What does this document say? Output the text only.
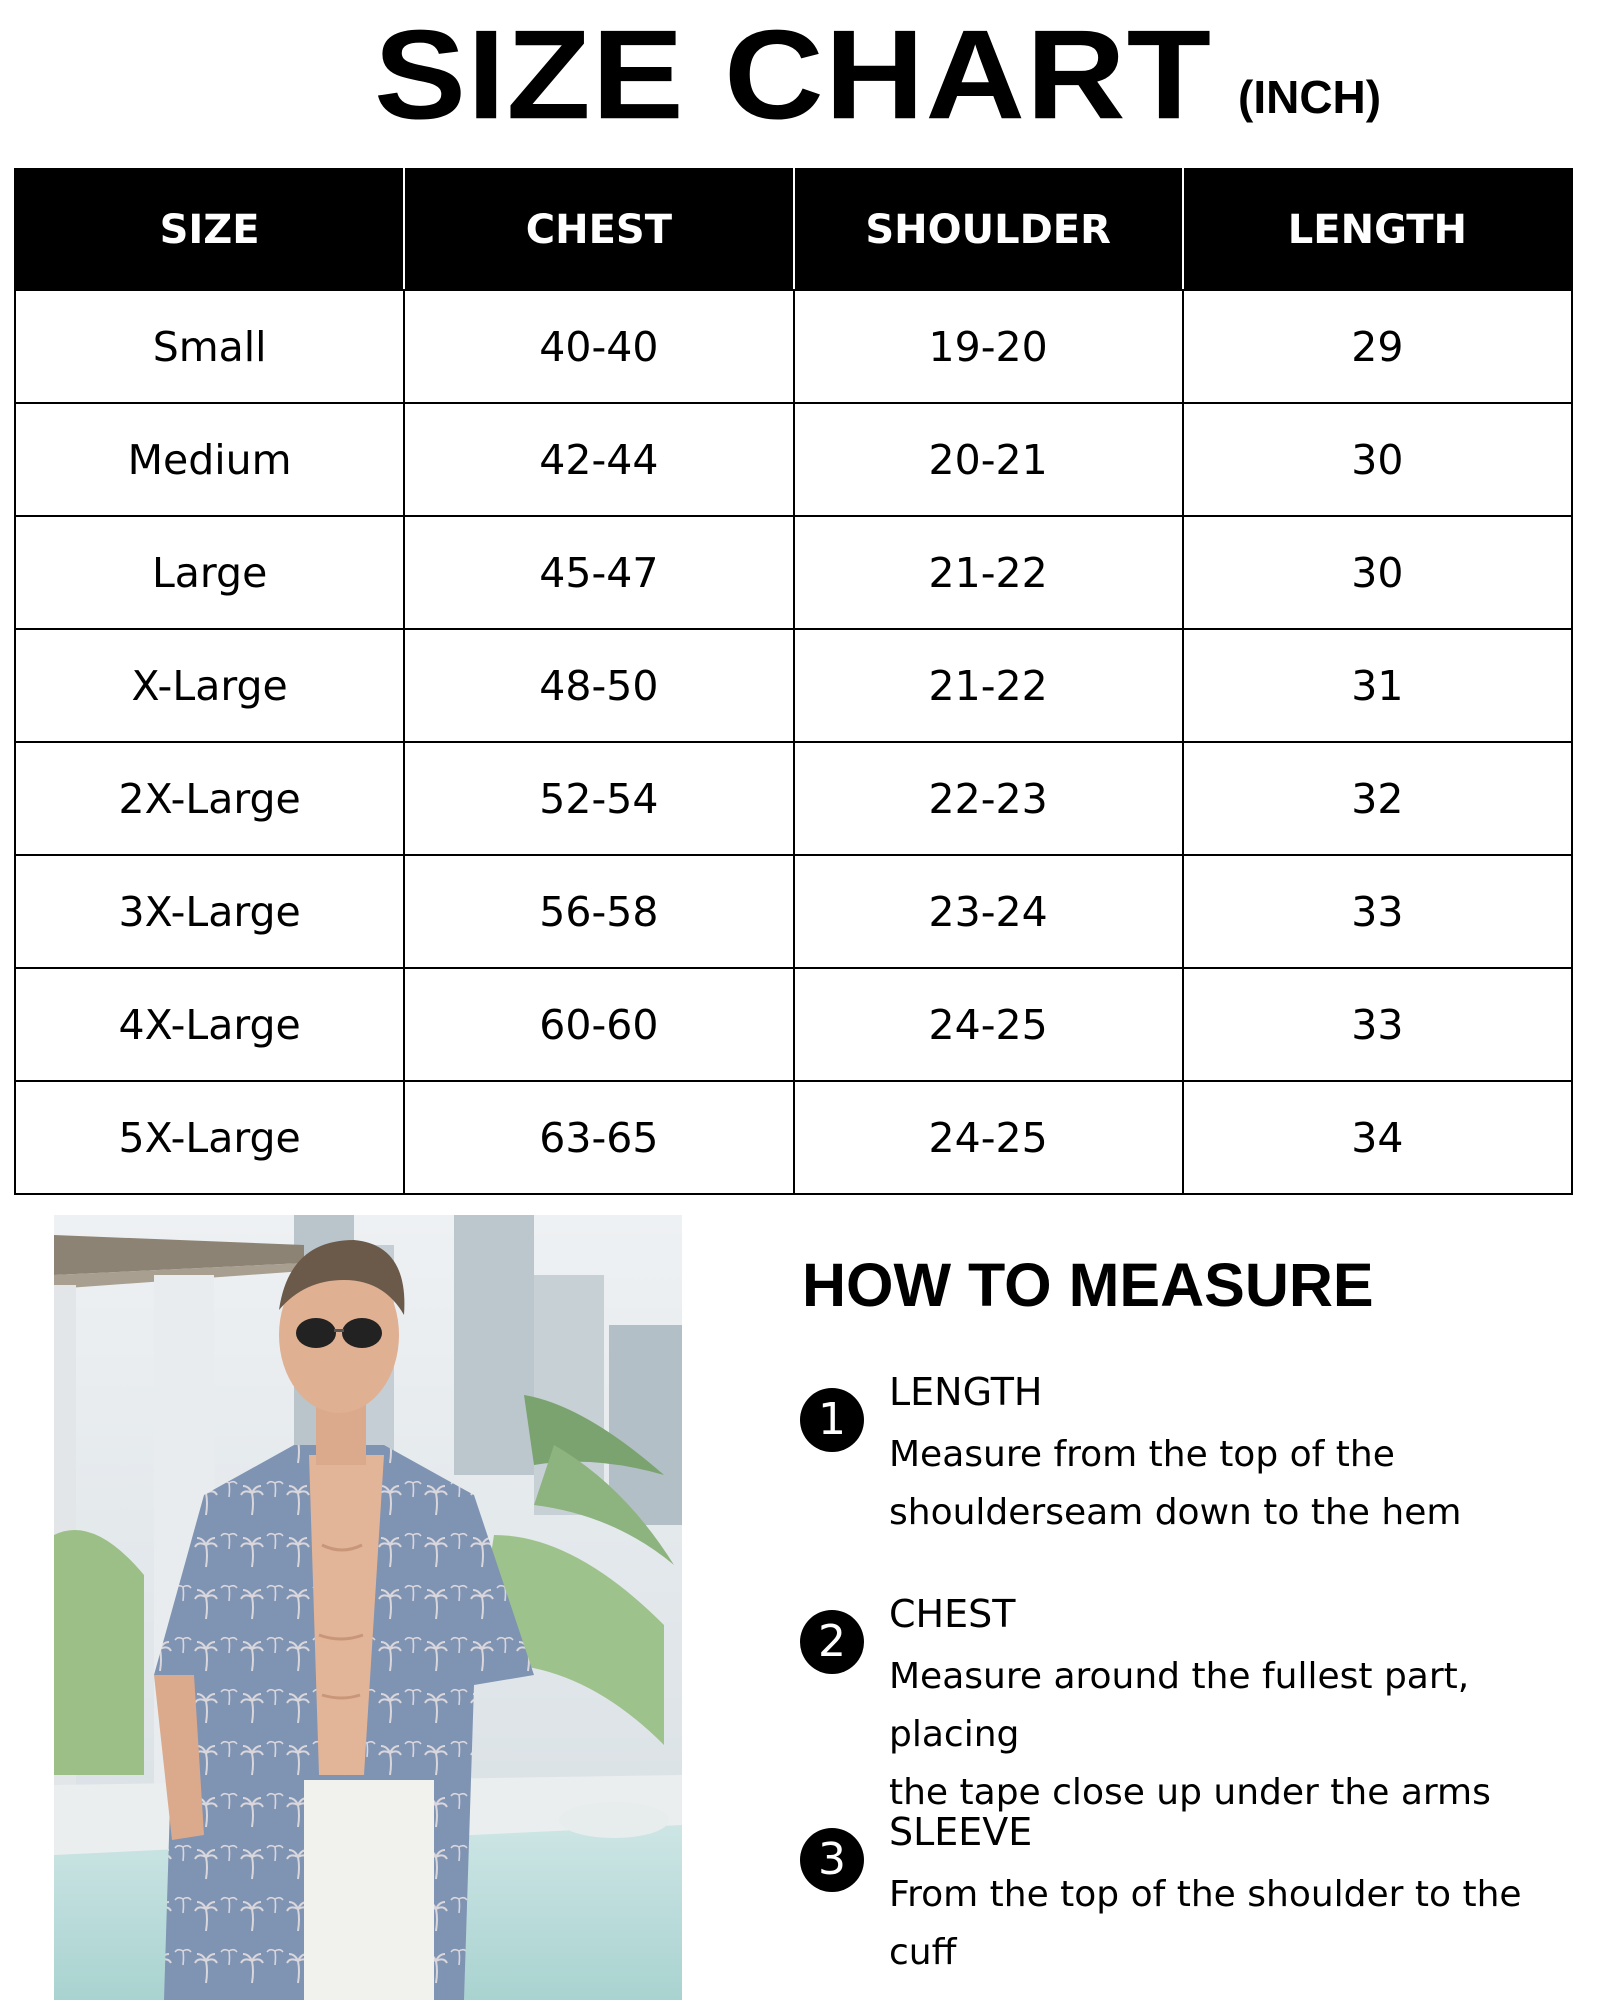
SIZE CHART (INCH)
SIZE	CHEST	SHOULDER	LENGTH
Small	40-40	19-20	29
Medium	42-44	20-21	30
Large	45-47	21-22	30
X-Large	48-50	21-22	31
2X-Large	52-54	22-23	32
3X-Large	56-58	23-24	33
4X-Large	60-60	24-25	33
5X-Large	63-65	24-25	34
HOW TO MEASURE
1
LENGTH
Measure from the top of the
shoulderseam down to the hem
2
CHEST
Measure around the fullest part, placing
the tape close up under the arms
3
SLEEVE
From the top of the shoulder to the cuff
